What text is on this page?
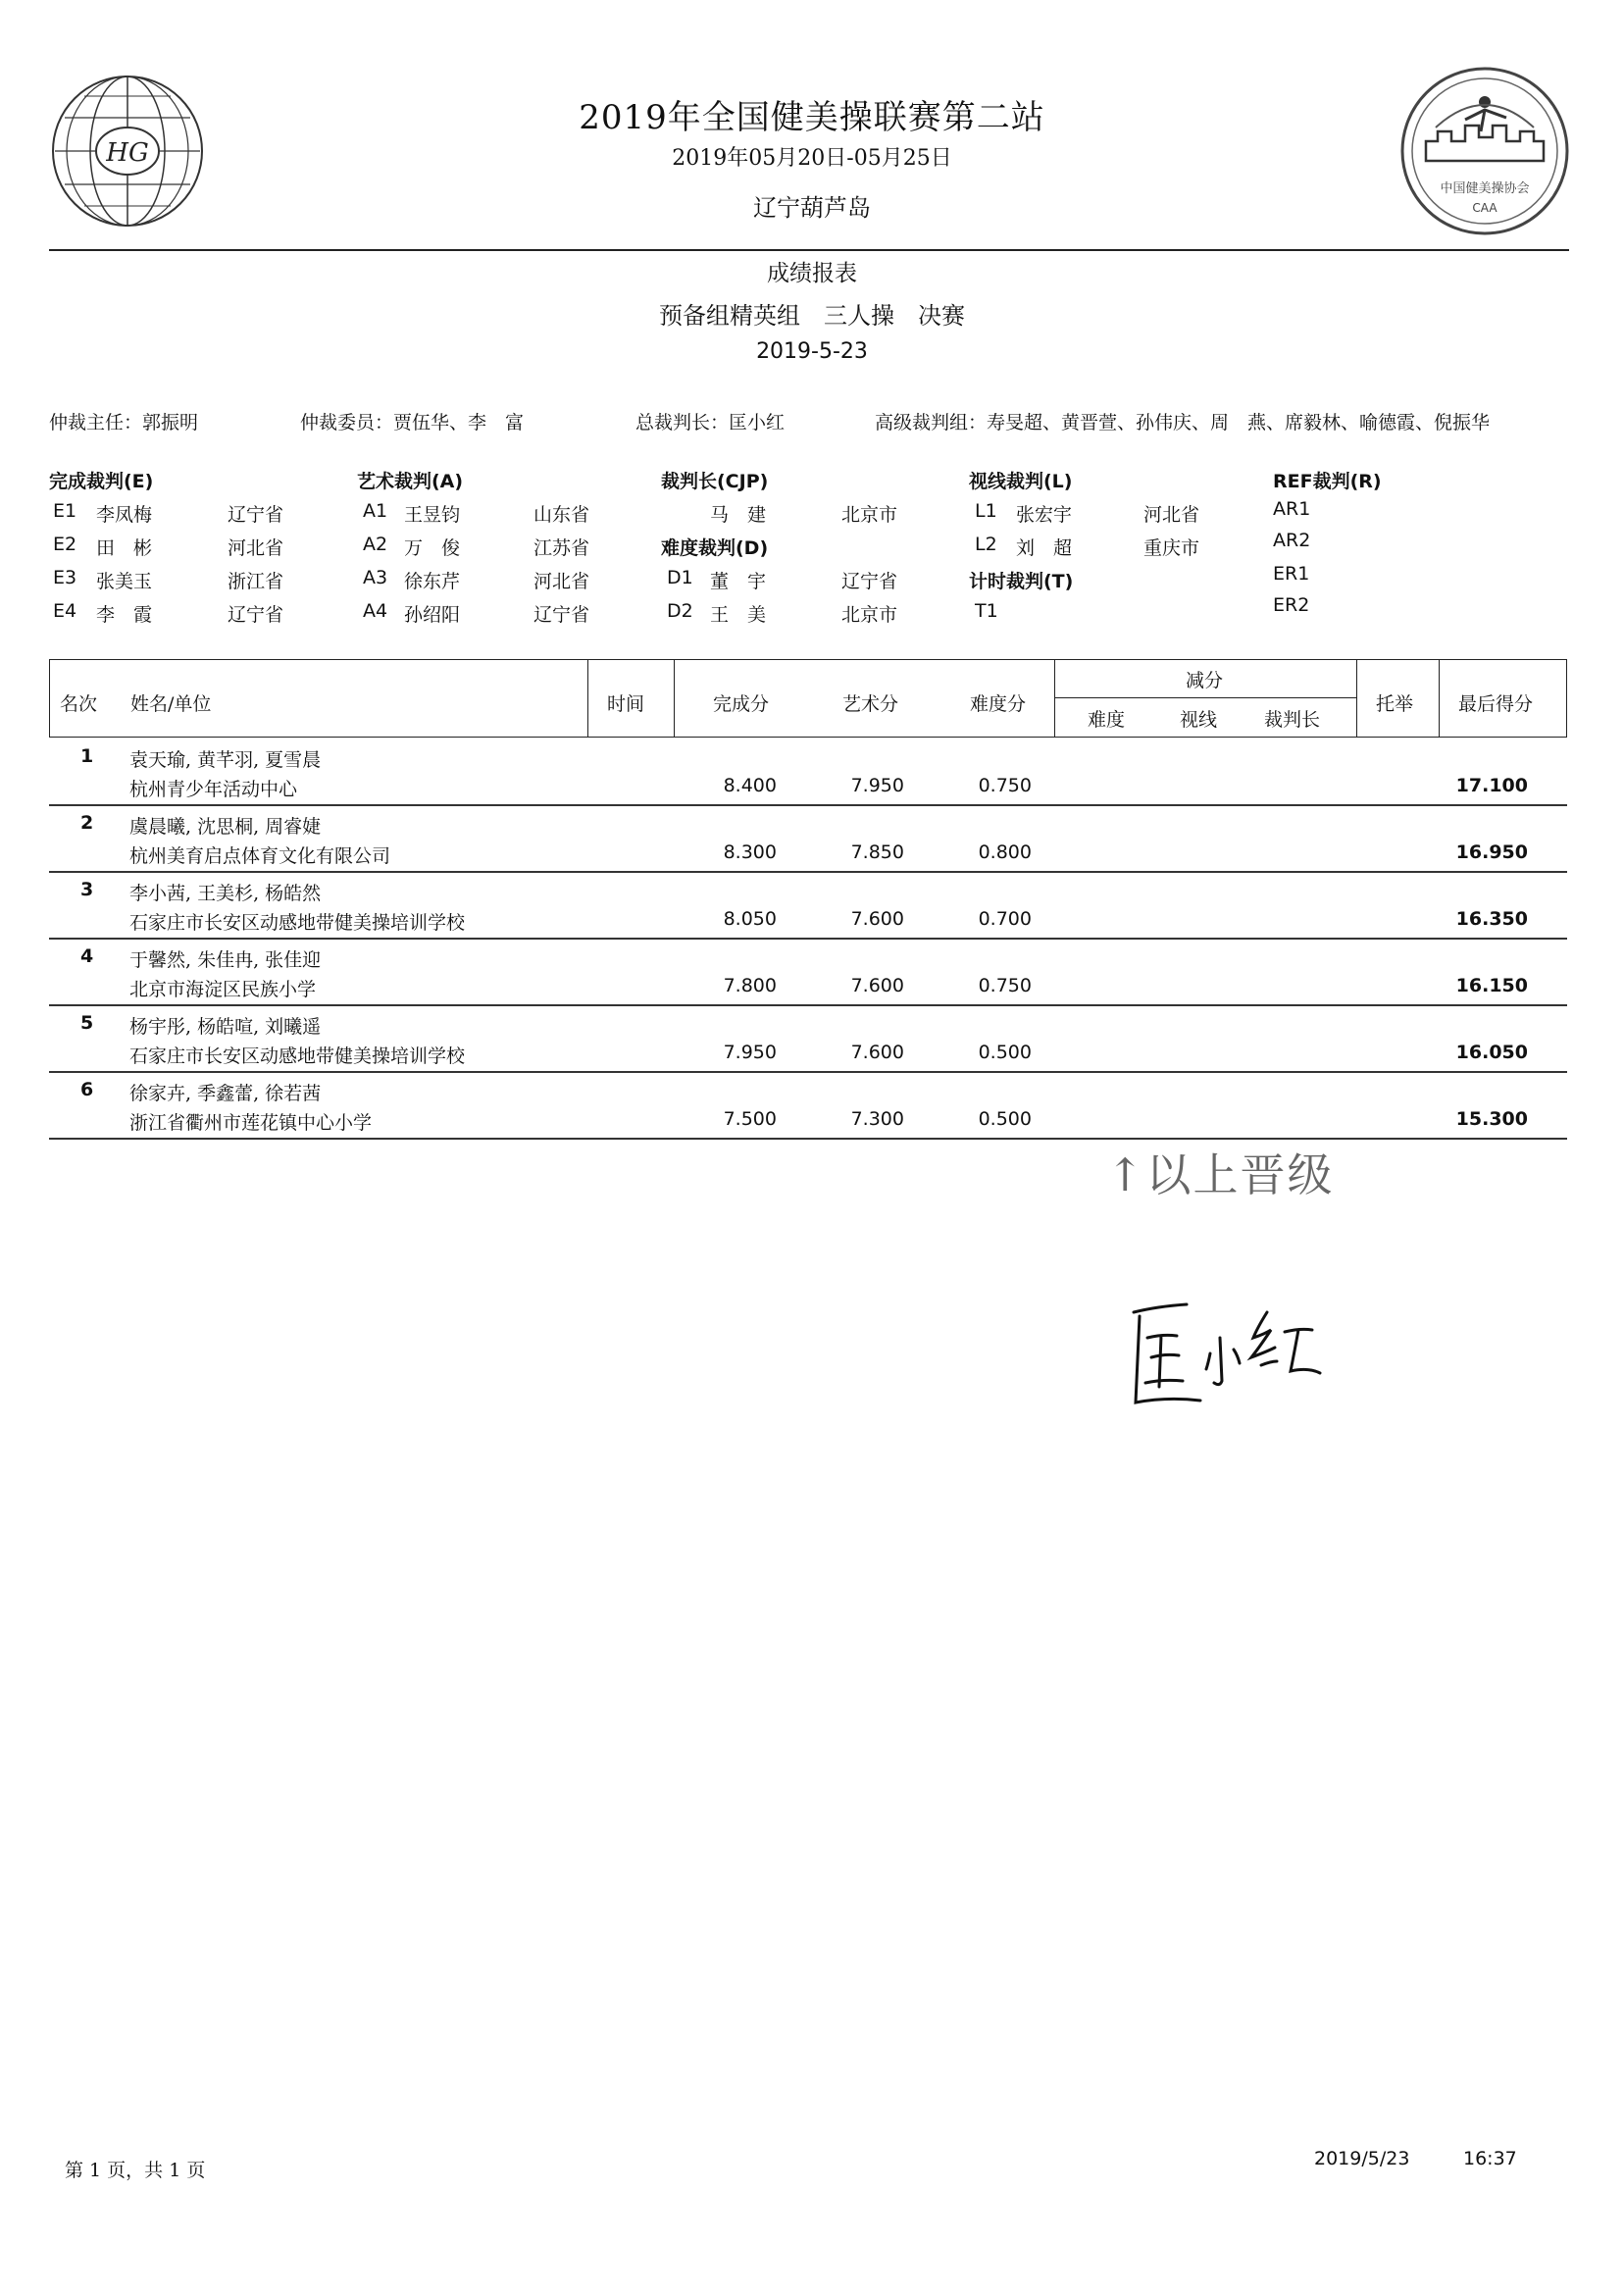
HG
中国健美操协会
CAA
2019年全国健美操联赛第二站
2019年05月20日-05月25日
辽宁葫芦岛
成绩报表
预备组精英组　三人操　决赛
2019-5-23
仲裁主任：郭振明	仲裁委员：贾伍华、李　富	总裁判长：匡小红	高级裁判组：寿旻超、黄晋萱、孙伟庆、周　燕、席毅林、喻德霞、倪振华
完成裁判(E)
E1 李凤梅	辽宁省
E2 田　彬	河北省
E3 张美玉	浙江省
E4 李　霞	辽宁省
艺术裁判(A)
A1 王昱钧	山东省
A2 万　俊	江苏省
A3 徐东芹	河北省
A4 孙绍阳	辽宁省
裁判长(CJP)
马　建	北京市
难度裁判(D)
D1 董　宇	辽宁省
D2 王　美	北京市
视线裁判(L)
L1 张宏宇	河北省
L2 刘　超	重庆市
计时裁判(T)
T1
REF裁判(R)
AR1
AR2
ER1
ER2
名次 姓名/单位	时间	完成分	艺术分	难度分
减分
难度	视线	裁判长
托举 最后得分
1 袁天瑜, 黄芊羽, 夏雪晨
杭州青少年活动中心	8.400	7.950	0.750	17.100
2 虞晨曦, 沈思桐, 周睿婕
杭州美育启点体育文化有限公司	8.300	7.850	0.800	16.950
3 李小茜, 王美杉, 杨皓然
石家庄市长安区动感地带健美操培训学校	8.050	7.600	0.700	16.350
4 于馨然, 朱佳冉, 张佳迎
北京市海淀区民族小学	7.800	7.600	0.750	16.150
5 杨宇彤, 杨皓喧, 刘曦遥
石家庄市长安区动感地带健美操培训学校	7.950	7.600	0.500	16.050
6 徐家卉, 季鑫蕾, 徐若茜
浙江省衢州市莲花镇中心小学	7.500	7.300	0.500	15.300
↑以上晋级
第 1 页，共 1 页
2019/5/23	16:37
